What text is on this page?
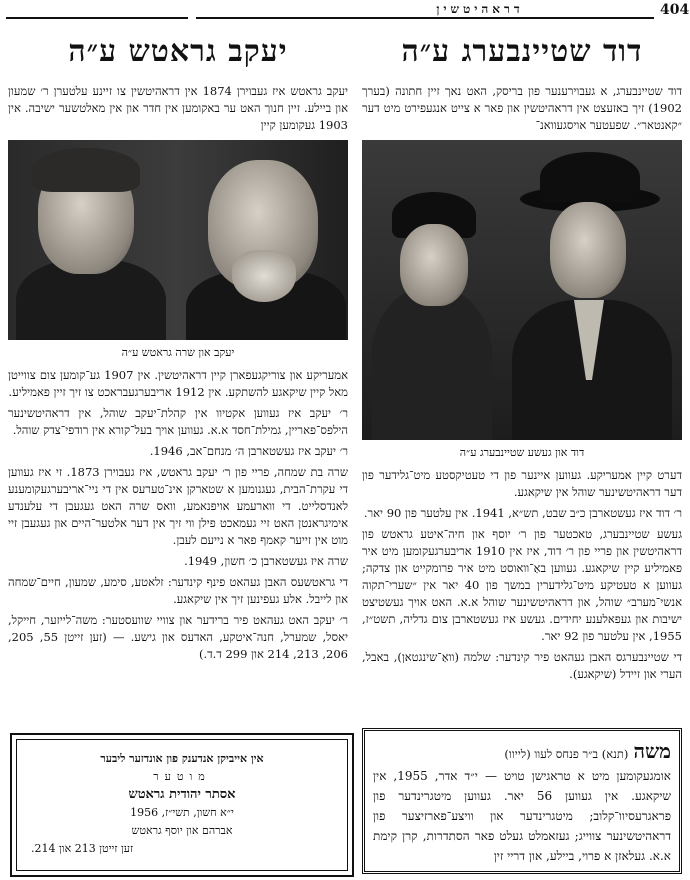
דראהיטשין	404
דוד שטיינבערג ע״ה

דוד שטיינבערג, א געבוירענער פון בריסק, האט נאך זיין חתונה (בערך 1902) זיך באזעצט אין דראהיטשין און פאר א צייט אנגעפירט מיט דער ״קאנטאר״. שפעטער אויסגעוואנ־

דוד און געשע שטיינבערג ע״ה

דערט קיין אמעריקע. געווען איינער פון די טעטיקסטע מיט־גלידער פון דער דראהיטשינער שוהל אין שיקאגע.

ר׳ דוד איז געשטארבן כ״ב שבט, תש״א, 1941. אין עלטער פון 90 יאר.

געשע שטיינבערג, טאכטער פון ר׳ יוסף און חיה־איטע גראטש פון דראהיטשין און פריי פון ר׳ דוד, איז אין 1910 אריבערגעקומען מיט איר פאמיליע קיין שיקאגע. געווען באַ־וואוסט מיט איר פרומקייט און צדקה; געווען א טעטיקע מיט־גלידערין במשך פון 40 יאר אין ״שערי־תקוה אנשי־מערב״ שוהל, און דראהיטשינער שוהל א.א. האט אויך געשטיצט ישיבות און געפאלענע יחידים. געשע איז געשטארבן צום גדליה, תשט״ז, 1955, אין עלטער פון 92 יאר.

די שטיינבערגס האבן געהאט פיר קינדער: שלמה (וואַ־שינגטאן), באבל, הערי און זיידל (שיקאגע).

יעקב גראטש ע״ה

יעקב גראטש איז געבוירן 1874 אין דראהיטשין צו זיינע עלטערן ר׳ שמעון און ביילע. זיין חנוך האט ער באקומען אין חדר און אין מאלטשער ישיבה. אין 1903 געקומען קיין

יעקב און שרה גראטש ע״ה

אמעריקע און צוריקגעפארן קיין דראהיטשין. אין 1907 גע־קומען צום צווייטן מאל קיין שיקאגע להשתקע. אין 1912 אריבערגעבראכט צו זיך זיין פאמיליע.

ר׳ יעקב איז געווען אקטיוו אין קהלת־יעקב שוהל, אין דראהיטשינער הילפס־פאריין, גמילת־חסד א.א. געווען אויך בעל־קורא אין רודפי־צדק שוהל.

ר׳ יעקב איז געשטארבן ה׳ מנחם־אב, 1946.

שרה בת שמחה, פריי פון ר׳ יעקב גראטש, איז געבוירן 1873. זי איז געווען די עקרת־הבית, געגנומען א שטארקן אינ־טערעס אין די ניי־אריבערגעקומענע לאנדסלייט. די ווארעמע אויפנאמע, וואס שרה האט געגעבן די עלענדע אימיגראנטן האט זיי געמאכט פילן ווי זיך אין דער אלטער־היים און געגעבן זיי מוט אין זייער קאמף פאר א נייעם לעבן.

שרה איז געשטארבן כ׳ חשון, 1949.

די גראטשעס האבן געהאט פינף קינדער: זלאטע, סימע, שמעון, חיים־שמחה און לייבל. אלע געפינען זיך אין שיקאגע.

ר׳ יעקב האט געהאט פיר ברידער און צוויי שוועסטער: משה־לייזער, חייקל, יאסל, שמערל, חנה־איטקע, האדעס און גישע. — (זען זייטן 55, 205, 206, 213, 214 און 299 ד.ד.)

אין אייביקן אנדענק פון אונדזער ליבער
מוטער
אסתר יהודית גראטש
י״א חשון, תשי״ז, 1956
אברהם און יוסף גראטש
זען זייטן 213 און 214.
משה (תנא) ב״ר פנחס לעוו (לייוו)
אומגעקומען מיט א טראגישן טויט — י״ד אדר, 1955, אין שיקאגע. אין געווען 56 יאר. געווען מיטגרינדער פון פראגרעסיוו־קלוב; מיטגרינדער און וויצע־פארזיצער פון דראהיטשינער צווייג; געזאמלט געלט פאר הסתדרות, קרן קימת א.א. געלאזן א פרוי, ביילע, און דריי זין
